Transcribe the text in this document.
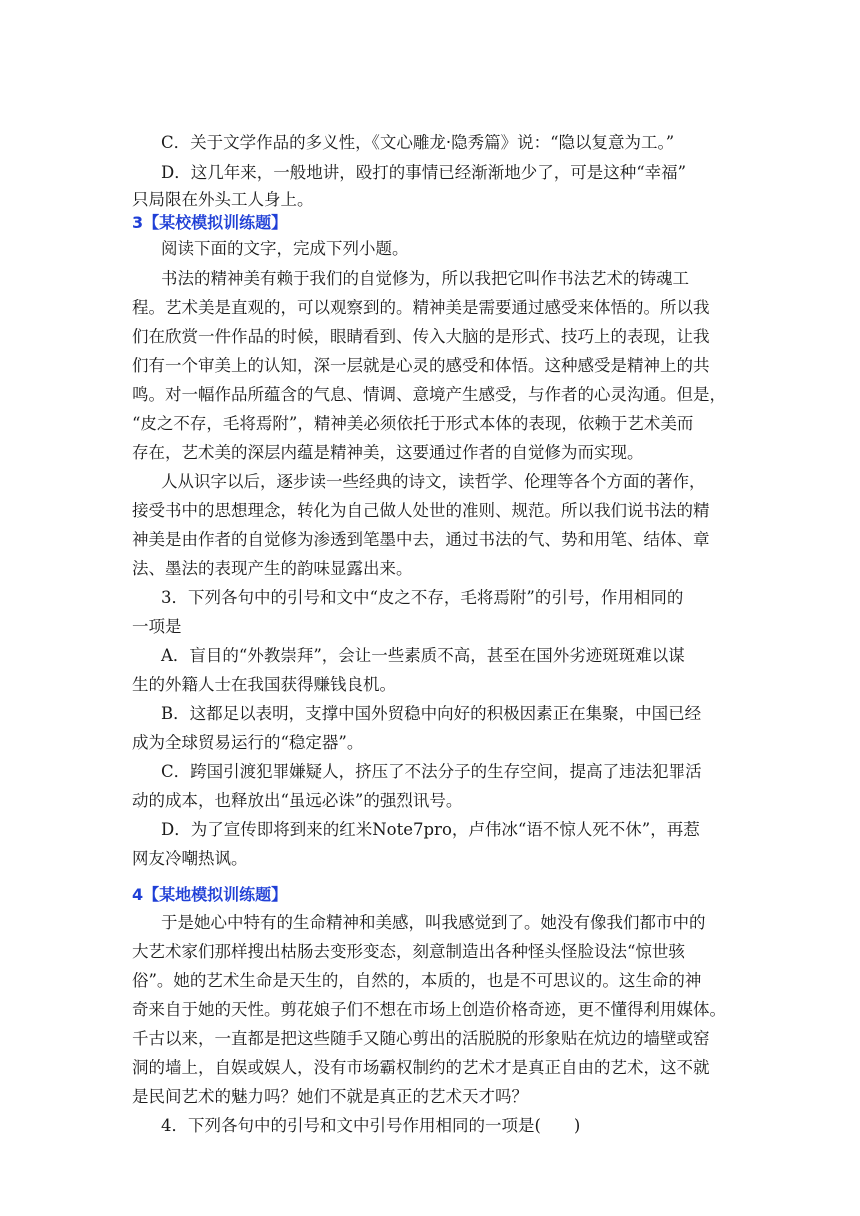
C．关于文学作品的多义性，《文心雕龙·隐秀篇》说：“隐以复意为工。”
D．这几年来，一般地讲，殴打的事情已经渐渐地少了，可是这种“幸福”
只局限在外头工人身上。
3【某校模拟训练题】
阅读下面的文字，完成下列小题。
书法的精神美有赖于我们的自觉修为，所以我把它叫作书法艺术的铸魂工
程。艺术美是直观的，可以观察到的。精神美是需要通过感受来体悟的。所以我
们在欣赏一件作品的时候，眼睛看到、传入大脑的是形式、技巧上的表现，让我
们有一个审美上的认知，深一层就是心灵的感受和体悟。这种感受是精神上的共
鸣。对一幅作品所蕴含的气息、情调、意境产生感受，与作者的心灵沟通。但是，
“皮之不存，毛将焉附”，精神美必须依托于形式本体的表现，依赖于艺术美而
存在，艺术美的深层内蕴是精神美，这要通过作者的自觉修为而实现。
人从识字以后，逐步读一些经典的诗文，读哲学、伦理等各个方面的著作，
接受书中的思想理念，转化为自己做人处世的准则、规范。所以我们说书法的精
神美是由作者的自觉修为渗透到笔墨中去，通过书法的气、势和用笔、结体、章
法、墨法的表现产生的韵味显露出来。
3．下列各句中的引号和文中“皮之不存，毛将焉附”的引号，作用相同的
一项是
A．盲目的“外教崇拜”，会让一些素质不高，甚至在国外劣迹斑斑难以谋
生的外籍人士在我国获得赚钱良机。
B．这都足以表明，支撑中国外贸稳中向好的积极因素正在集聚，中国已经
成为全球贸易运行的“稳定器”。
C．跨国引渡犯罪嫌疑人，挤压了不法分子的生存空间，提高了违法犯罪活
动的成本，也释放出“虽远必诛”的强烈讯号。
D．为了宣传即将到来的红米Note7pro，卢伟冰“语不惊人死不休”，再惹
网友冷嘲热讽。
4【某地模拟训练题】
于是她心中特有的生命精神和美感，叫我感觉到了。她没有像我们都市中的
大艺术家们那样搜出枯肠去变形变态，刻意制造出各种怪头怪脸设法“惊世骇
俗”。她的艺术生命是天生的，自然的，本质的，也是不可思议的。这生命的神
奇来自于她的天性。剪花娘子们不想在市场上创造价格奇迹，更不懂得利用媒体。
千古以来，一直都是把这些随手又随心剪出的活脱脱的形象贴在炕边的墙壁或窑
洞的墙上，自娱或娱人，没有市场霸权制约的艺术才是真正自由的艺术，这不就
是民间艺术的魅力吗？她们不就是真正的艺术天才吗？
4．下列各句中的引号和文中引号作用相同的一项是(　　)
